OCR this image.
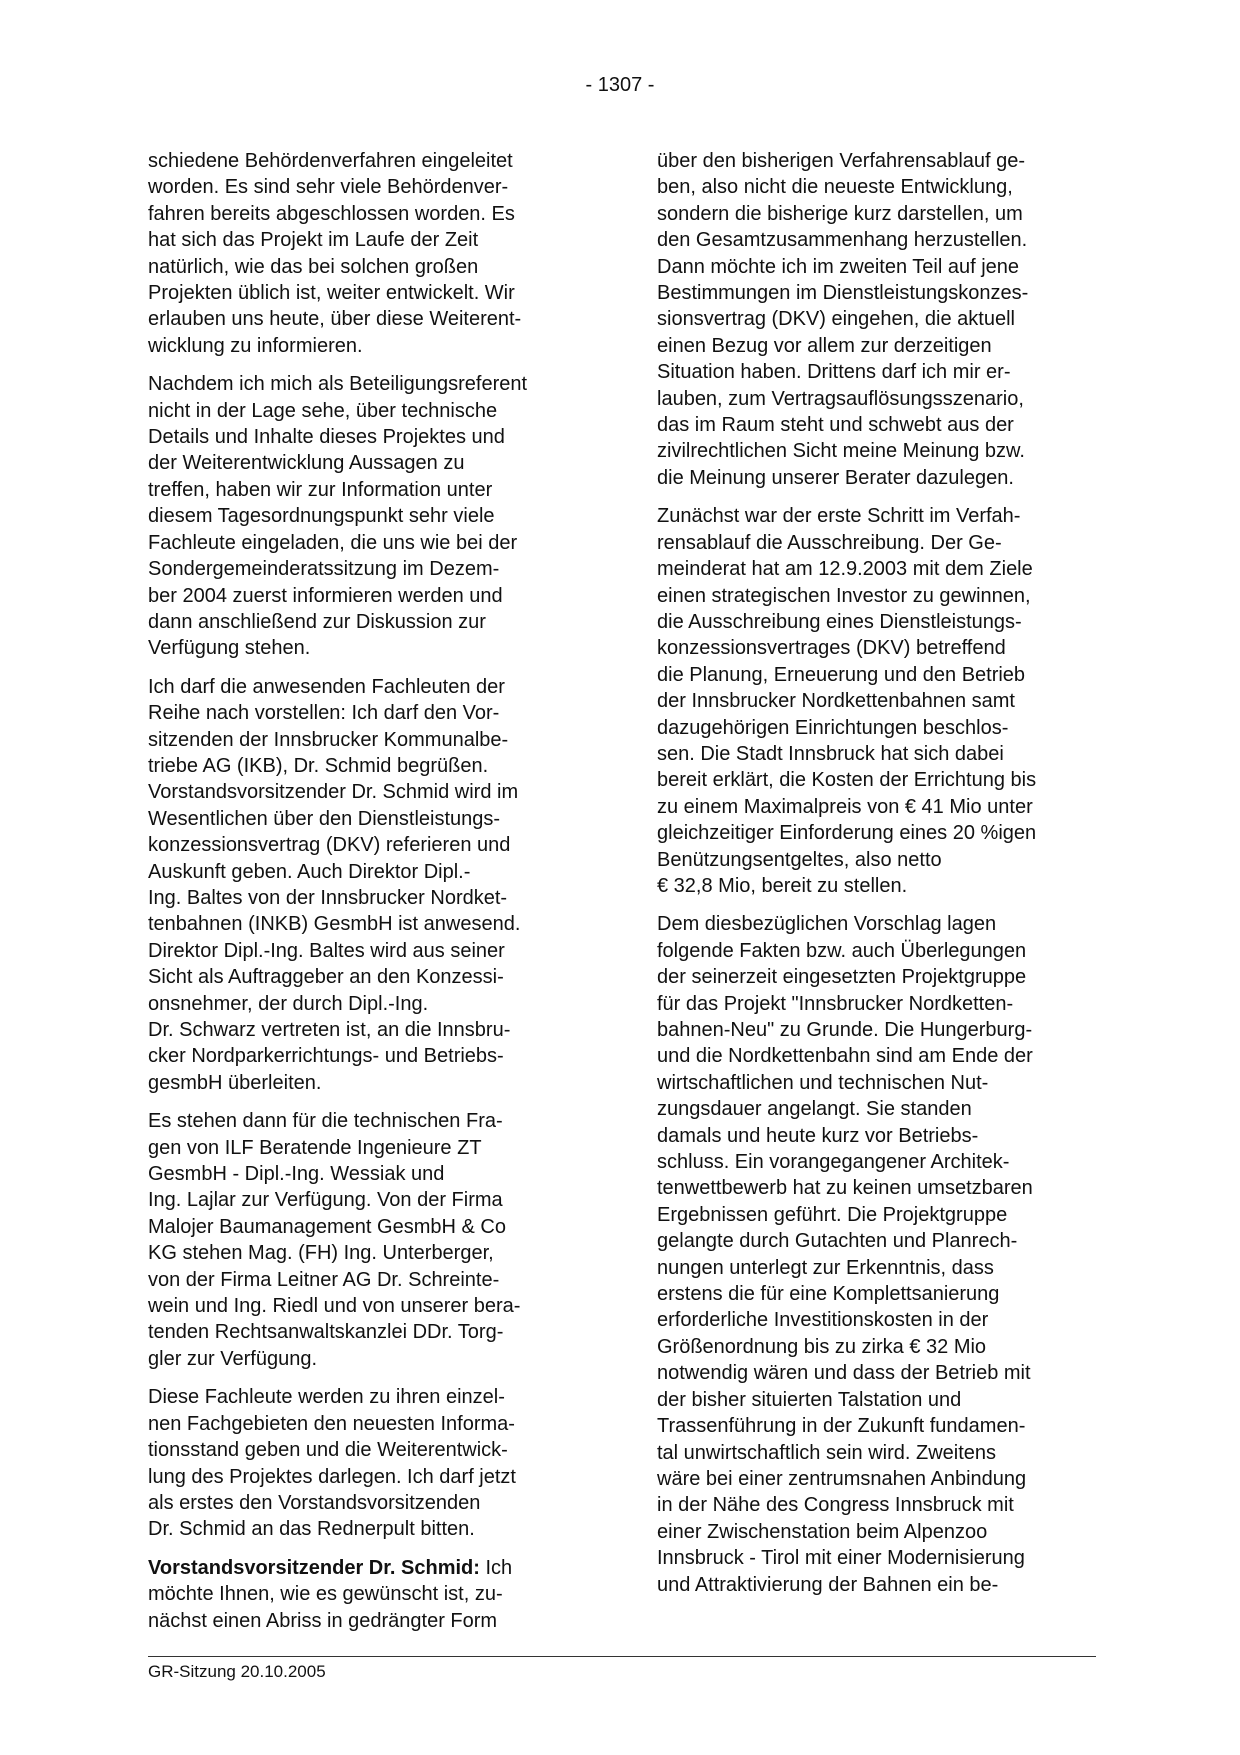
- 1307 -

schiedene Behördenverfahren eingeleitet
worden. Es sind sehr viele Behördenver-
fahren bereits abgeschlossen worden. Es
hat sich das Projekt im Laufe der Zeit
natürlich, wie das bei solchen großen
Projekten üblich ist, weiter entwickelt. Wir
erlauben uns heute, über diese Weiterent-
wicklung zu informieren.

Nachdem ich mich als Beteiligungsreferent
nicht in der Lage sehe, über technische
Details und Inhalte dieses Projektes und
der Weiterentwicklung Aussagen zu
treffen, haben wir zur Information unter
diesem Tagesordnungspunkt sehr viele
Fachleute eingeladen, die uns wie bei der
Sondergemeinderatssitzung im Dezem-
ber 2004 zuerst informieren werden und
dann anschließend zur Diskussion zur
Verfügung stehen.

Ich darf die anwesenden Fachleuten der
Reihe nach vorstellen: Ich darf den Vor-
sitzenden der Innsbrucker Kommunalbe-
triebe AG (IKB), Dr. Schmid begrüßen.
Vorstandsvorsitzender Dr. Schmid wird im
Wesentlichen über den Dienstleistungs-
konzessionsvertrag (DKV) referieren und
Auskunft geben. Auch Direktor Dipl.-
Ing. Baltes von der Innsbrucker Nordket-
tenbahnen (INKB) GesmbH ist anwesend.
Direktor Dipl.-Ing. Baltes wird aus seiner
Sicht als Auftraggeber an den Konzessi-
onsnehmer, der durch Dipl.-Ing.
Dr. Schwarz vertreten ist, an die Innsbru-
cker Nordparkerrichtungs- und Betriebs-
gesmbH überleiten.

Es stehen dann für die technischen Fra-
gen von ILF Beratende Ingenieure ZT
GesmbH - Dipl.-Ing. Wessiak und
Ing. Lajlar zur Verfügung. Von der Firma
Malojer Baumanagement GesmbH & Co
KG stehen Mag. (FH) Ing. Unterberger,
von der Firma Leitner AG Dr. Schreinte-
wein und Ing. Riedl und von unserer bera-
tenden Rechtsanwaltskanzlei DDr. Torg-
gler zur Verfügung.

Diese Fachleute werden zu ihren einzel-
nen Fachgebieten den neuesten Informa-
tionsstand geben und die Weiterentwick-
lung des Projektes darlegen. Ich darf jetzt
als erstes den Vorstandsvorsitzenden
Dr. Schmid an das Rednerpult bitten.

Vorstandsvorsitzender Dr. Schmid: Ich
möchte Ihnen, wie es gewünscht ist, zu-
nächst einen Abriss in gedrängter Form

über den bisherigen Verfahrensablauf ge-
ben, also nicht die neueste Entwicklung,
sondern die bisherige kurz darstellen, um
den Gesamtzusammenhang herzustellen.
Dann möchte ich im zweiten Teil auf jene
Bestimmungen im Dienstleistungskonzes-
sionsvertrag (DKV) eingehen, die aktuell
einen Bezug vor allem zur derzeitigen
Situation haben. Drittens darf ich mir er-
lauben, zum Vertragsauflösungsszenario,
das im Raum steht und schwebt aus der
zivilrechtlichen Sicht meine Meinung bzw.
die Meinung unserer Berater dazulegen.

Zunächst war der erste Schritt im Verfah-
rensablauf die Ausschreibung. Der Ge-
meinderat hat am 12.9.2003 mit dem Ziele
einen strategischen Investor zu gewinnen,
die Ausschreibung eines Dienstleistungs-
konzessionsvertrages (DKV) betreffend
die Planung, Erneuerung und den Betrieb
der Innsbrucker Nordkettenbahnen samt
dazugehörigen Einrichtungen beschlos-
sen. Die Stadt Innsbruck hat sich dabei
bereit erklärt, die Kosten der Errichtung bis
zu einem Maximalpreis von € 41 Mio unter
gleichzeitiger Einforderung eines 20 %igen
Benützungsentgeltes, also netto
€ 32,8 Mio, bereit zu stellen.

Dem diesbezüglichen Vorschlag lagen
folgende Fakten bzw. auch Überlegungen
der seinerzeit eingesetzten Projektgruppe
für das Projekt "Innsbrucker Nordketten-
bahnen-Neu" zu Grunde. Die Hungerburg-
und die Nordkettenbahn sind am Ende der
wirtschaftlichen und technischen Nut-
zungsdauer angelangt. Sie standen
damals und heute kurz vor Betriebs-
schluss. Ein vorangegangener Architek-
tenwettbewerb hat zu keinen umsetzbaren
Ergebnissen geführt. Die Projektgruppe
gelangte durch Gutachten und Planrech-
nungen unterlegt zur Erkenntnis, dass
erstens die für eine Komplettsanierung
erforderliche Investitionskosten in der
Größenordnung bis zu zirka € 32 Mio
notwendig wären und dass der Betrieb mit
der bisher situierten Talstation und
Trassenführung in der Zukunft fundamen-
tal unwirtschaftlich sein wird. Zweitens
wäre bei einer zentrumsnahen Anbindung
in der Nähe des Congress Innsbruck mit
einer Zwischenstation beim Alpenzoo
Innsbruck - Tirol mit einer Modernisierung
und Attraktivierung der Bahnen ein be-

GR-Sitzung 20.10.2005
